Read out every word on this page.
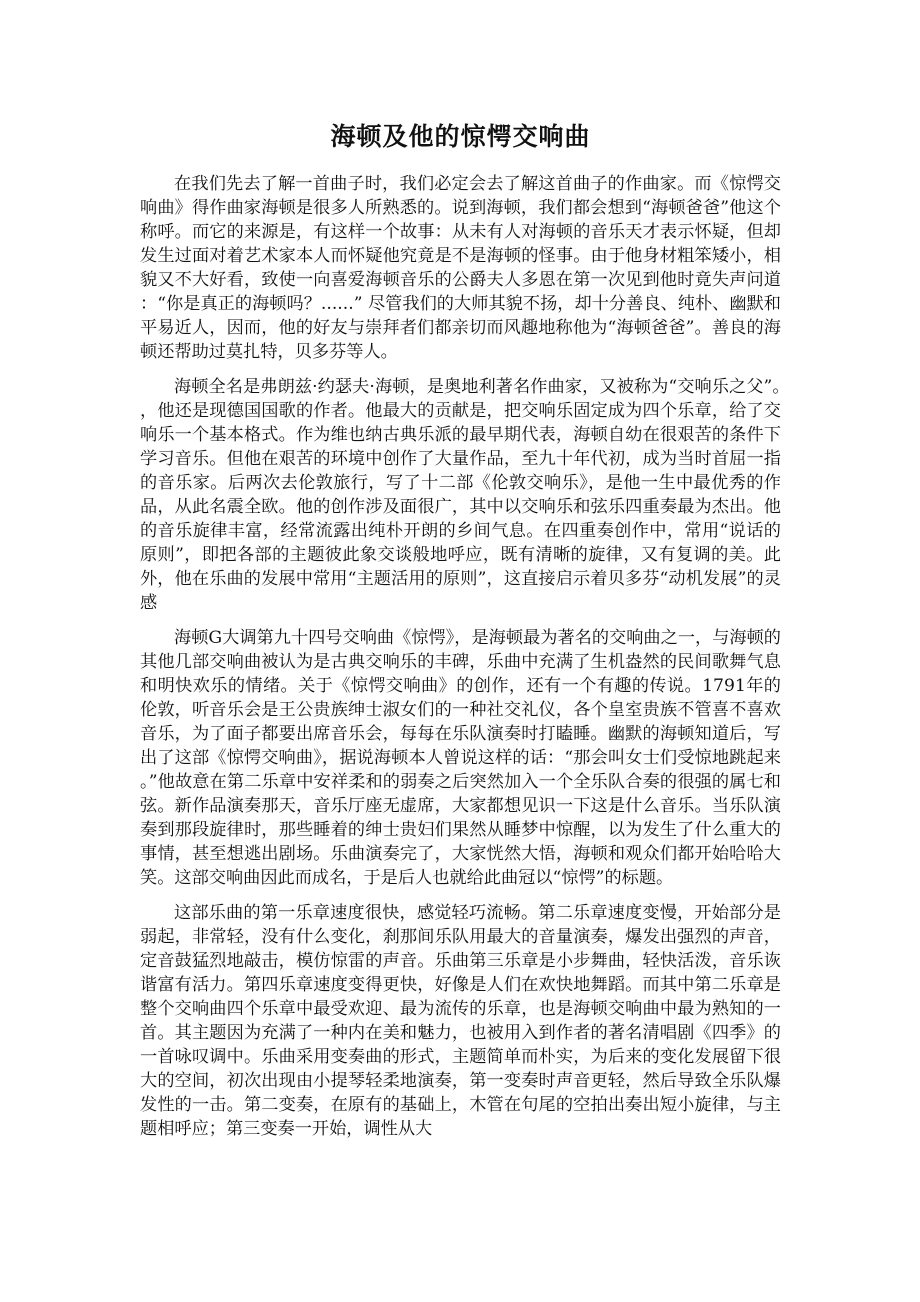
海顿及他的惊愕交响曲

在我们先去了解一首曲子时，我们必定会去了解这首曲子的作曲家。而《惊愕交响曲》得作曲家海顿是很多人所熟悉的。说到海顿，我们都会想到“海顿爸爸”他这个称呼。而它的来源是，有这样一个故事：从未有人对海顿的音乐天才表示怀疑，但却发生过面对着艺术家本人而怀疑他究竟是不是海顿的怪事。由于他身材粗笨矮小，相貌又不大好看，致使一向喜爱海顿音乐的公爵夫人多恩在第一次见到他时竟失声问道：“你是真正的海顿吗？......” 尽管我们的大师其貌不扬，却十分善良、纯朴、幽默和平易近人，因而，他的好友与崇拜者们都亲切而风趣地称他为“海顿爸爸”。善良的海顿还帮助过莫扎特，贝多芬等人。

海顿全名是弗朗兹·约瑟夫·海顿，是奥地利著名作曲家，又被称为“交响乐之父”。，他还是现德国国歌的作者。他最大的贡献是，把交响乐固定成为四个乐章，给了交响乐一个基本格式。作为维也纳古典乐派的最早期代表，海顿自幼在很艰苦的条件下学习音乐。但他在艰苦的环境中创作了大量作品，至九十年代初，成为当时首屈一指的音乐家。后两次去伦敦旅行，写了十二部《伦敦交响乐》，是他一生中最优秀的作品，从此名震全欧。他的创作涉及面很广，其中以交响乐和弦乐四重奏最为杰出。他的音乐旋律丰富，经常流露出纯朴开朗的乡间气息。在四重奏创作中，常用“说话的原则”，即把各部的主题彼此象交谈般地呼应，既有清晰的旋律，又有复调的美。此外，他在乐曲的发展中常用“主题活用的原则”，这直接启示着贝多芬“动机发展”的灵感

海顿G大调第九十四号交响曲《惊愕》，是海顿最为著名的交响曲之一，与海顿的其他几部交响曲被认为是古典交响乐的丰碑，乐曲中充满了生机盎然的民间歌舞气息和明快欢乐的情绪。关于《惊愕交响曲》的创作，还有一个有趣的传说。1791年的伦敦，听音乐会是王公贵族绅士淑女们的一种社交礼仪，各个皇室贵族不管喜不喜欢音乐，为了面子都要出席音乐会，每每在乐队演奏时打瞌睡。幽默的海顿知道后，写出了这部《惊愕交响曲》，据说海顿本人曾说这样的话：“那会叫女士们受惊地跳起来。”他故意在第二乐章中安祥柔和的弱奏之后突然加入一个全乐队合奏的很强的属七和弦。新作品演奏那天，音乐厅座无虚席，大家都想见识一下这是什么音乐。当乐队演奏到那段旋律时，那些睡着的绅士贵妇们果然从睡梦中惊醒，以为发生了什么重大的事情，甚至想逃出剧场。乐曲演奏完了，大家恍然大悟，海顿和观众们都开始哈哈大笑。这部交响曲因此而成名，于是后人也就给此曲冠以“惊愕”的标题。

这部乐曲的第一乐章速度很快，感觉轻巧流畅。第二乐章速度变慢，开始部分是弱起，非常轻，没有什么变化，刹那间乐队用最大的音量演奏，爆发出强烈的声音，定音鼓猛烈地敲击，模仿惊雷的声音。乐曲第三乐章是小步舞曲，轻快活泼，音乐诙谐富有活力。第四乐章速度变得更快，好像是人们在欢快地舞蹈。而其中第二乐章是整个交响曲四个乐章中最受欢迎、最为流传的乐章，也是海顿交响曲中最为熟知的一首。其主题因为充满了一种内在美和魅力，也被用入到作者的著名清唱剧《四季》的一首咏叹调中。乐曲采用变奏曲的形式，主题简单而朴实，为后来的变化发展留下很大的空间，初次出现由小提琴轻柔地演奏，第一变奏时声音更轻，然后导致全乐队爆发性的一击。第二变奏，在原有的基础上，木管在句尾的空拍出奏出短小旋律，与主题相呼应；第三变奏一开始，调性从大
